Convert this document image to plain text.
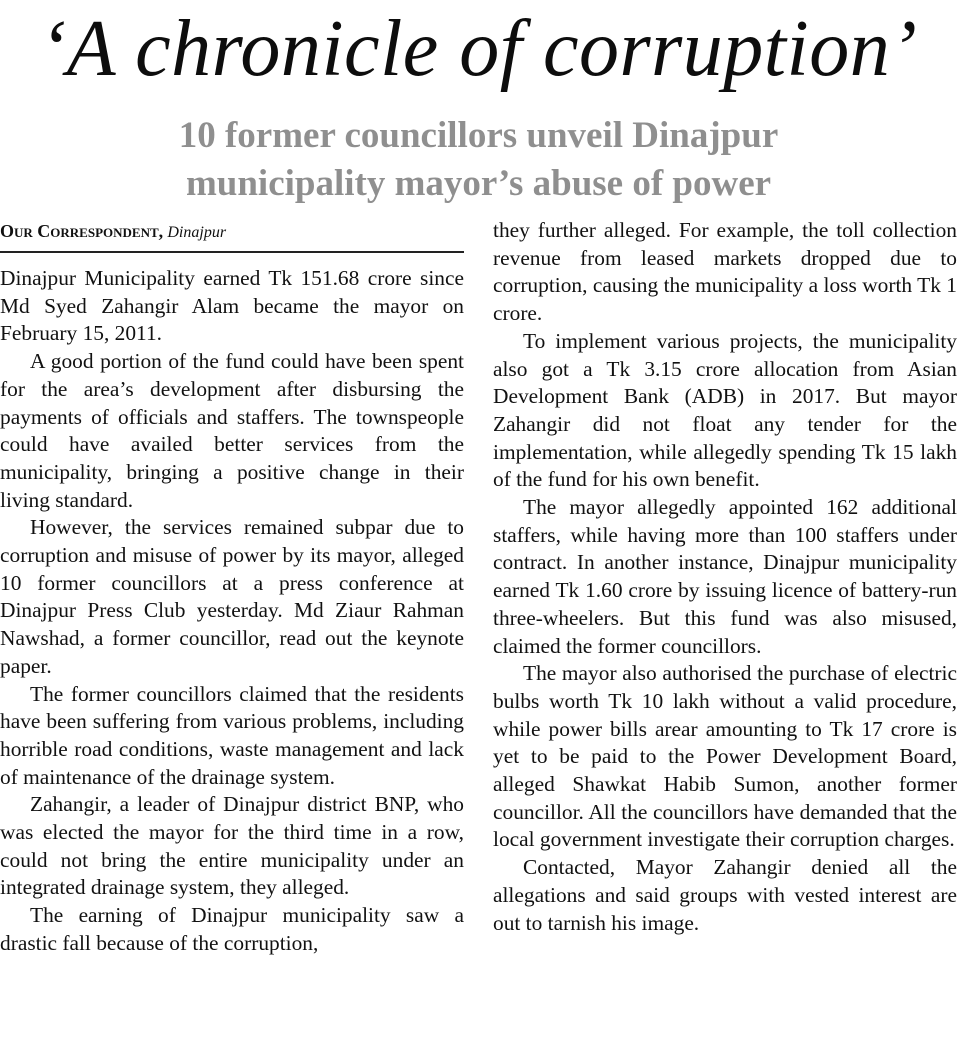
‘A chronicle of corruption’
10 former councillors unveil Dinajpur
municipality mayor’s abuse of power
Our Correspondent, Dinajpur

Dinajpur Municipality earned Tk 151.68 crore since Md Syed Zahangir Alam became the mayor on February 15, 2011.

A good portion of the fund could have been spent for the area’s development after disbursing the payments of officials and staffers. The townspeople could have availed better services from the municipality, bringing a positive change in their living standard.

However, the services remained subpar due to corruption and misuse of power by its mayor, alleged 10 former councillors at a press conference at Dinajpur Press Club yesterday. Md Ziaur Rahman Nawshad, a former councillor, read out the keynote paper.

The former councillors claimed that the residents have been suffering from various problems, including horrible road conditions, waste management and lack of maintenance of the drainage system.

Zahangir, a leader of Dinajpur district BNP, who was elected the mayor for the third time in a row, could not bring the entire municipality under an integrated drainage system, they alleged.

The earning of Dinajpur municipality saw a drastic fall because of the corruption,

they further alleged. For example, the toll collection revenue from leased markets dropped due to corruption, causing the municipality a loss worth Tk 1 crore.

To implement various projects, the municipality also got a Tk 3.15 crore allocation from Asian Development Bank (ADB) in 2017. But mayor Zahangir did not float any tender for the implementation, while allegedly spending Tk 15 lakh of the fund for his own benefit.

The mayor allegedly appointed 162 additional staffers, while having more than 100 staffers under contract. In another instance, Dinajpur municipality earned Tk 1.60 crore by issuing licence of battery-run three-wheelers. But this fund was also misused, claimed the former councillors.

The mayor also authorised the purchase of electric bulbs worth Tk 10 lakh without a valid procedure, while power bills arear amounting to Tk 17 crore is yet to be paid to the Power Development Board, alleged Shawkat Habib Sumon, another former councillor. All the councillors have demanded that the local government investigate their corruption charges.

Contacted, Mayor Zahangir denied all the allegations and said groups with vested interest are out to tarnish his image.
